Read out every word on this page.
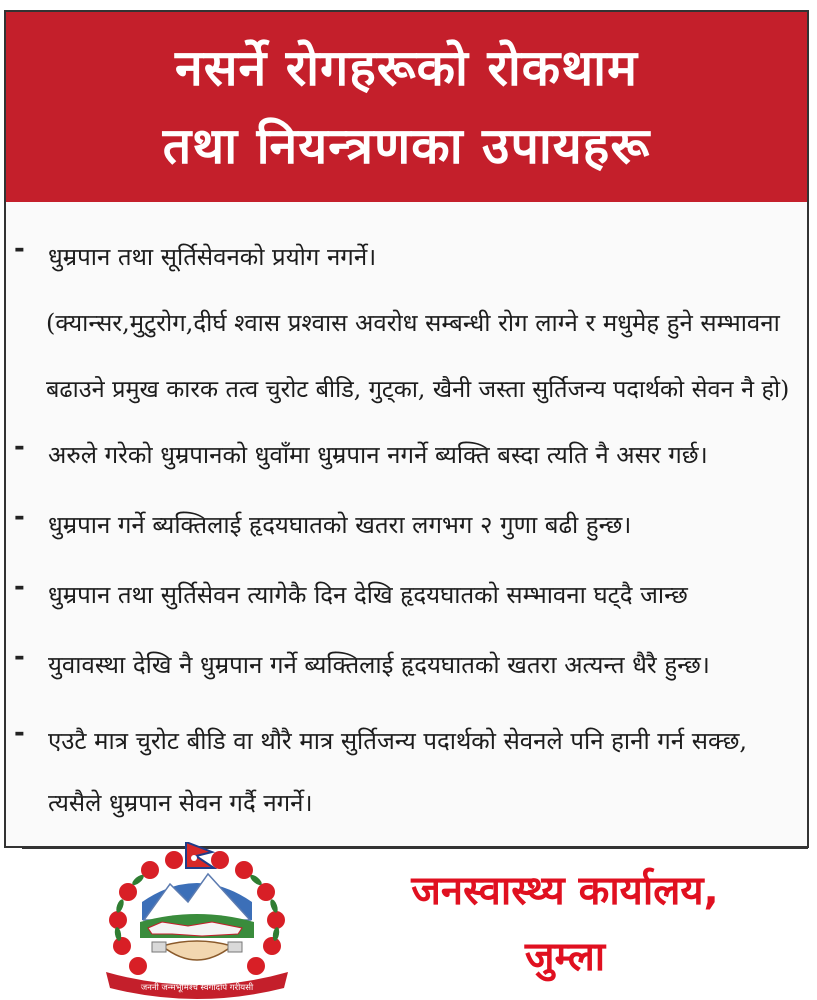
नसर्ने रोगहरूको रोकथाम
तथा नियन्त्रणका उपायहरू
- धुम्रपान तथा सूर्तिसेवनको प्रयोग नगर्ने।
(क्यान्सर,मुटुरोग,दीर्घ श्वास प्रश्वास अवरोध सम्बन्धी रोग लाग्ने र मधुमेह हुने सम्भावना
बढाउने प्रमुख कारक तत्व चुरोट बीडि, गुट्का, खैनी जस्ता सुर्तिजन्य पदार्थको सेवन नै हो)
- अरुले गरेको धुम्रपानको धुवाँमा धुम्रपान नगर्ने ब्यक्ति बस्दा त्यति नै असर गर्छ।
- धुम्रपान गर्ने ब्यक्तिलाई हृदयघातको खतरा लगभग २ गुणा बढी हुन्छ।
- धुम्रपान तथा सुर्तिसेवन त्यागेकै दिन देखि हृदयघातको सम्भावना घट्दै जान्छ
- युवावस्था देखि नै धुम्रपान गर्ने ब्यक्तिलाई हृदयघातको खतरा अत्यन्त धैरै हुन्छ।
- एउटै मात्र चुरोट बीडि वा थौरै मात्र सुर्तिजन्य पदार्थको सेवनले पनि हानी गर्न सक्छ,
त्यसैले धुम्रपान सेवन गर्दै नगर्ने।
जननी जन्मभूमिश्च स्वर्गादपि गरीयसी
जनस्वास्थ्य कार्यालय,
जुम्ला
